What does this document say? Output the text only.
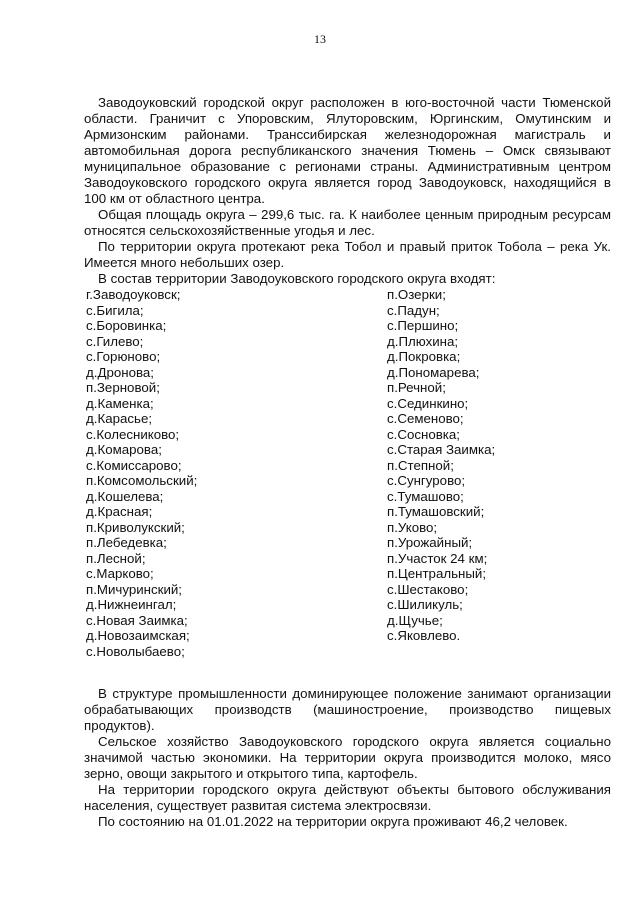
13

Заводоуковский городской округ расположен в юго-восточной части Тюменской области. Граничит с Упоровским, Ялуторовским, Юргинским, Омутинским и Армизонским районами. Транссибирская железнодорожная магистраль и автомобильная дорога республиканского значения Тюмень – Омск связывают муниципальное образование с регионами страны. Административным центром Заводоуковского городского округа является город Заводоуковск, находящийся в 100 км от областного центра.

Общая площадь округа – 299,6 тыс. га. К наиболее ценным природным ресурсам относятся сельскохозяйственные угодья и лес.

По территории округа протекают река Тобол и правый приток Тобола – река Ук. Имеется много небольших озер.

В состав территории Заводоуковского городского округа входят:

г.Заводоуковск;
с.Бигила;
с.Боровинка;
с.Гилево;
с.Горюново;
д.Дронова;
п.Зерновой;
д.Каменка;
д.Карасье;
с.Колесниково;
д.Комарова;
с.Комиссарово;
п.Комсомольский;
д.Кошелева;
д.Красная;
п.Криволукский;
п.Лебедевка;
п.Лесной;
с.Марково;
п.Мичуринский;
д.Нижнеингал;
с.Новая Заимка;
д.Новозаимская;
с.Новолыбаево;
п.Озерки;
с.Падун;
с.Першино;
д.Плюхина;
д.Покровка;
д.Пономарева;
п.Речной;
с.Сединкино;
с.Семеново;
с.Сосновка;
с.Старая Заимка;
п.Степной;
с.Сунгурово;
с.Тумашово;
п.Тумашовский;
п.Уково;
п.Урожайный;
п.Участок 24 км;
п.Центральный;
с.Шестаково;
с.Шиликуль;
д.Щучье;
с.Яковлево.

В структуре промышленности доминирующее положение занимают организации обрабатывающих производств (машиностроение, производство пищевых продуктов).

Сельское хозяйство Заводоуковского городского округа является социально значимой частью экономики. На территории округа производится молоко, мясо зерно, овощи закрытого и открытого типа, картофель.

На территории городского округа действуют объекты бытового обслуживания населения, существует развитая система электросвязи.

По состоянию на 01.01.2022 на территории округа проживают 46,2 человек.
